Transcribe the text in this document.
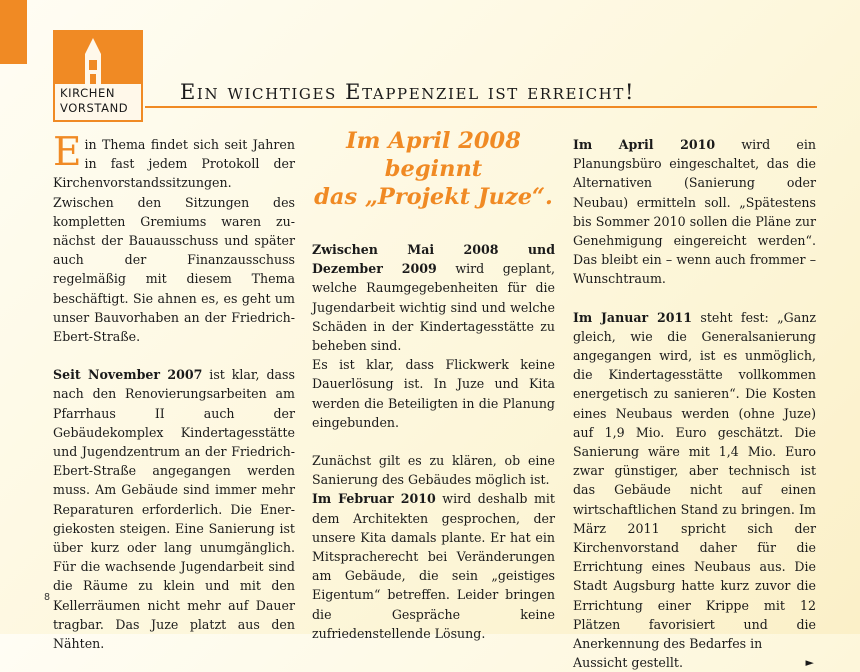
KIRCHEN
VORSTAND
Ein wichtiges Etappenziel ist erreicht!

Ein Thema findet sich seit Jahren in fast jedem Protokoll der Kirchenvorstandssitzungen. Zwischen den Sitzungen des kompletten Gremiums waren zunächst der Bauausschuss und später auch der Finanzausschuss regelmäßig mit diesem Thema beschäftigt. Sie ahnen es, es geht um unser Bauvorhaben an der Friedrich-Ebert-Straße.

Seit November 2007 ist klar, dass nach den Renovierungsarbeiten am Pfarrhaus II auch der Gebäudekomplex Kindertagesstätte und Jugendzentrum an der Friedrich-Ebert-Straße angegangen werden muss. Am Gebäude sind immer mehr Reparaturen erforderlich. Die Energiekosten steigen. Eine Sanierung ist über kurz oder lang unumgänglich. Für die wachsende Jugendarbeit sind die Räume zu klein und mit den Kellerräumen nicht mehr auf Dauer tragbar. Das Juze platzt aus den Nähten.

Im April 2008
beginnt
das „Projekt Juze“.

Zwischen Mai 2008 und Dezember 2009 wird geplant, welche Raumgegebenheiten für die Jugendarbeit wichtig sind und welche Schäden in der Kindertagesstätte zu beheben sind.

Es ist klar, dass Flickwerk keine Dauerlösung ist. In Juze und Kita werden die Beteiligten in die Planung eingebunden.

Zunächst gilt es zu klären, ob eine Sanierung des Gebäudes möglich ist.

Im Februar 2010 wird deshalb mit dem Architekten gesprochen, der unsere Kita damals plante. Er hat ein Mitspracherecht bei Veränderungen am Gebäude, die sein „geistiges Eigentum“ betreffen. Leider bringen die Gespräche keine zufriedenstellende Lösung.

Im April 2010 wird ein Planungsbüro eingeschaltet, das die Alternativen (Sanierung oder Neubau) ermitteln soll. „Spätestens bis Sommer 2010 sollen die Pläne zur Genehmigung eingereicht werden“. Das bleibt ein – wenn auch frommer – Wunschtraum.

Im Januar 2011 steht fest: „Ganz gleich, wie die Generalsanierung angegangen wird, ist es unmöglich, die Kindertagesstätte vollkommen energetisch zu sanieren“. Die Kosten eines Neubaus werden (ohne Juze) auf 1,9 Mio. Euro geschätzt. Die Sanierung wäre mit 1,4 Mio. Euro zwar günstiger, aber technisch ist das Gebäude nicht auf einen wirtschaftlichen Stand zu bringen. Im März 2011 spricht sich der Kirchenvorstand daher für die Errichtung eines Neubaus aus. Die Stadt Augsburg hatte kurz zuvor die Errichtung einer Krippe mit 12 Plätzen favorisiert und die Anerkennung des Bedarfes in

Aussicht gestellt.	►

8
